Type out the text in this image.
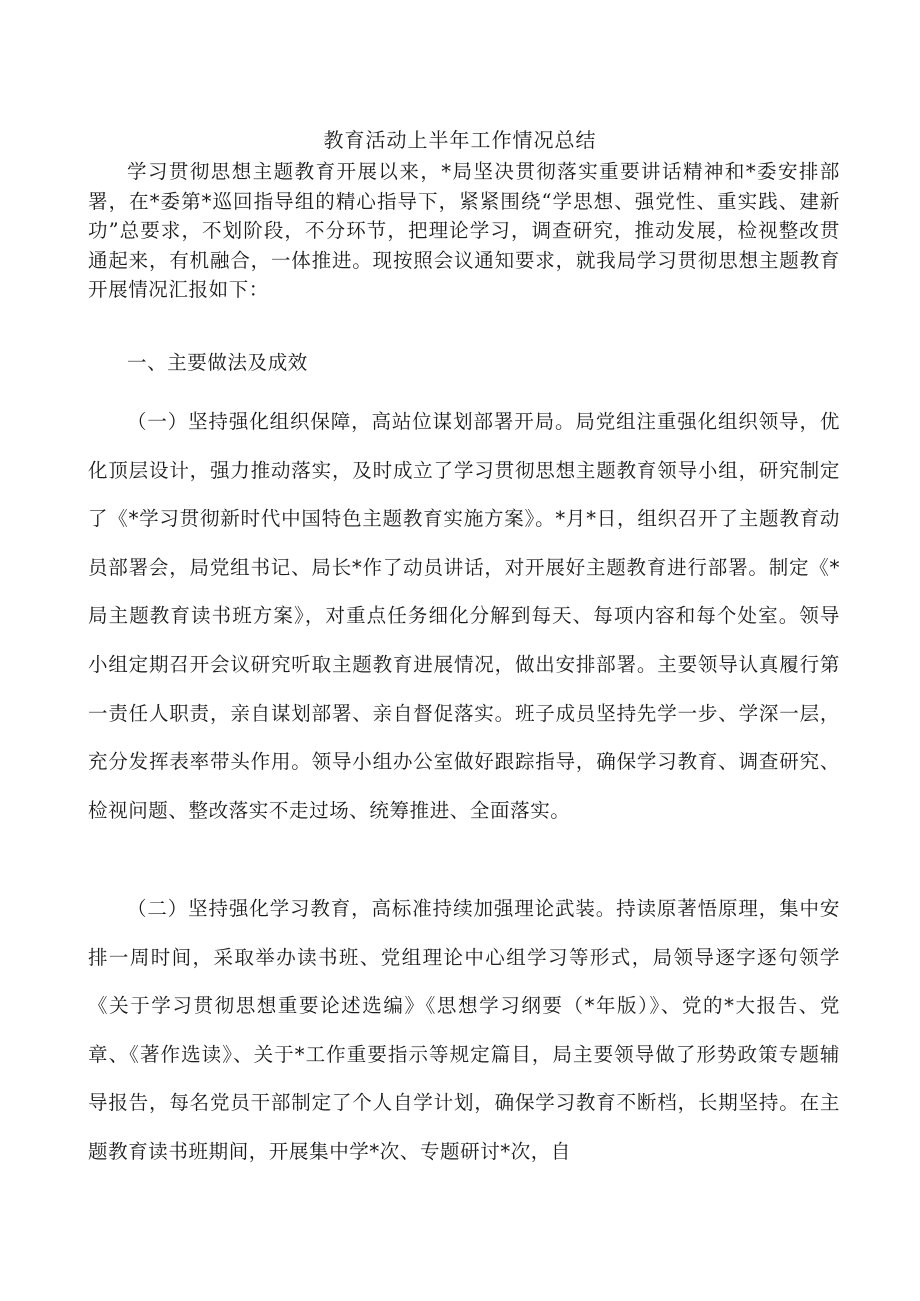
教育活动上半年工作情况总结

学习贯彻思想主题教育开展以来，*局坚决贯彻落实重要讲话精神和*委安排部署，在*委第*巡回指导组的精心指导下，紧紧围绕“学思想、强党性、重实践、建新功”总要求，不划阶段，不分环节，把理论学习，调查研究，推动发展，检视整改贯通起来，有机融合，一体推进。现按照会议通知要求，就我局学习贯彻思想主题教育开展情况汇报如下：

一、主要做法及成效

（一）坚持强化组织保障，高站位谋划部署开局。局党组注重强化组织领导，优化顶层设计，强力推动落实，及时成立了学习贯彻思想主题教育领导小组，研究制定了《*学习贯彻新时代中国特色主题教育实施方案》。*月*日，组织召开了主题教育动员部署会，局党组书记、局长*作了动员讲话，对开展好主题教育进行部署。制定《*局主题教育读书班方案》，对重点任务细化分解到每天、每项内容和每个处室。领导小组定期召开会议研究听取主题教育进展情况，做出安排部署。主要领导认真履行第一责任人职责，亲自谋划部署、亲自督促落实。班子成员坚持先学一步、学深一层，充分发挥表率带头作用。领导小组办公室做好跟踪指导，确保学习教育、调查研究、检视问题、整改落实不走过场、统筹推进、全面落实。

（二）坚持强化学习教育，高标准持续加强理论武装。持读原著悟原理，集中安排一周时间，采取举办读书班、党组理论中心组学习等形式，局领导逐字逐句领学《关于学习贯彻思想重要论述选编》《思想学习纲要（*年版）》、党的*大报告、党章、《著作选读》、关于*工作重要指示等规定篇目，局主要领导做了形势政策专题辅导报告，每名党员干部制定了个人自学计划，确保学习教育不断档，长期坚持。在主题教育读书班期间，开展集中学*次、专题研讨*次，自
